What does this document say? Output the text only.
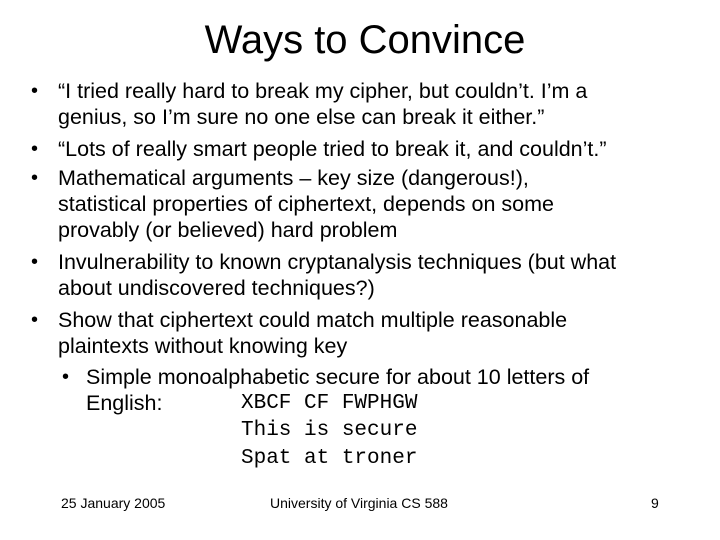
Ways to Convince
• “I tried really hard to break my cipher, but couldn’t. I’m a
genius, so I’m sure no one else can break it either.”
• “Lots of really smart people tried to break it, and couldn’t.”
• Mathematical arguments – key size (dangerous!),
statistical properties of ciphertext, depends on some
provably (or believed) hard problem
• Invulnerability to known cryptanalysis techniques (but what
about undiscovered techniques?)
• Show that ciphertext could match multiple reasonable
plaintexts without knowing key
• Simple monoalphabetic secure for about 10 letters of
English:	XBCF CF FWPHGW
This is secure
Spat at troner
25 January 2005	University of Virginia CS 588	9
